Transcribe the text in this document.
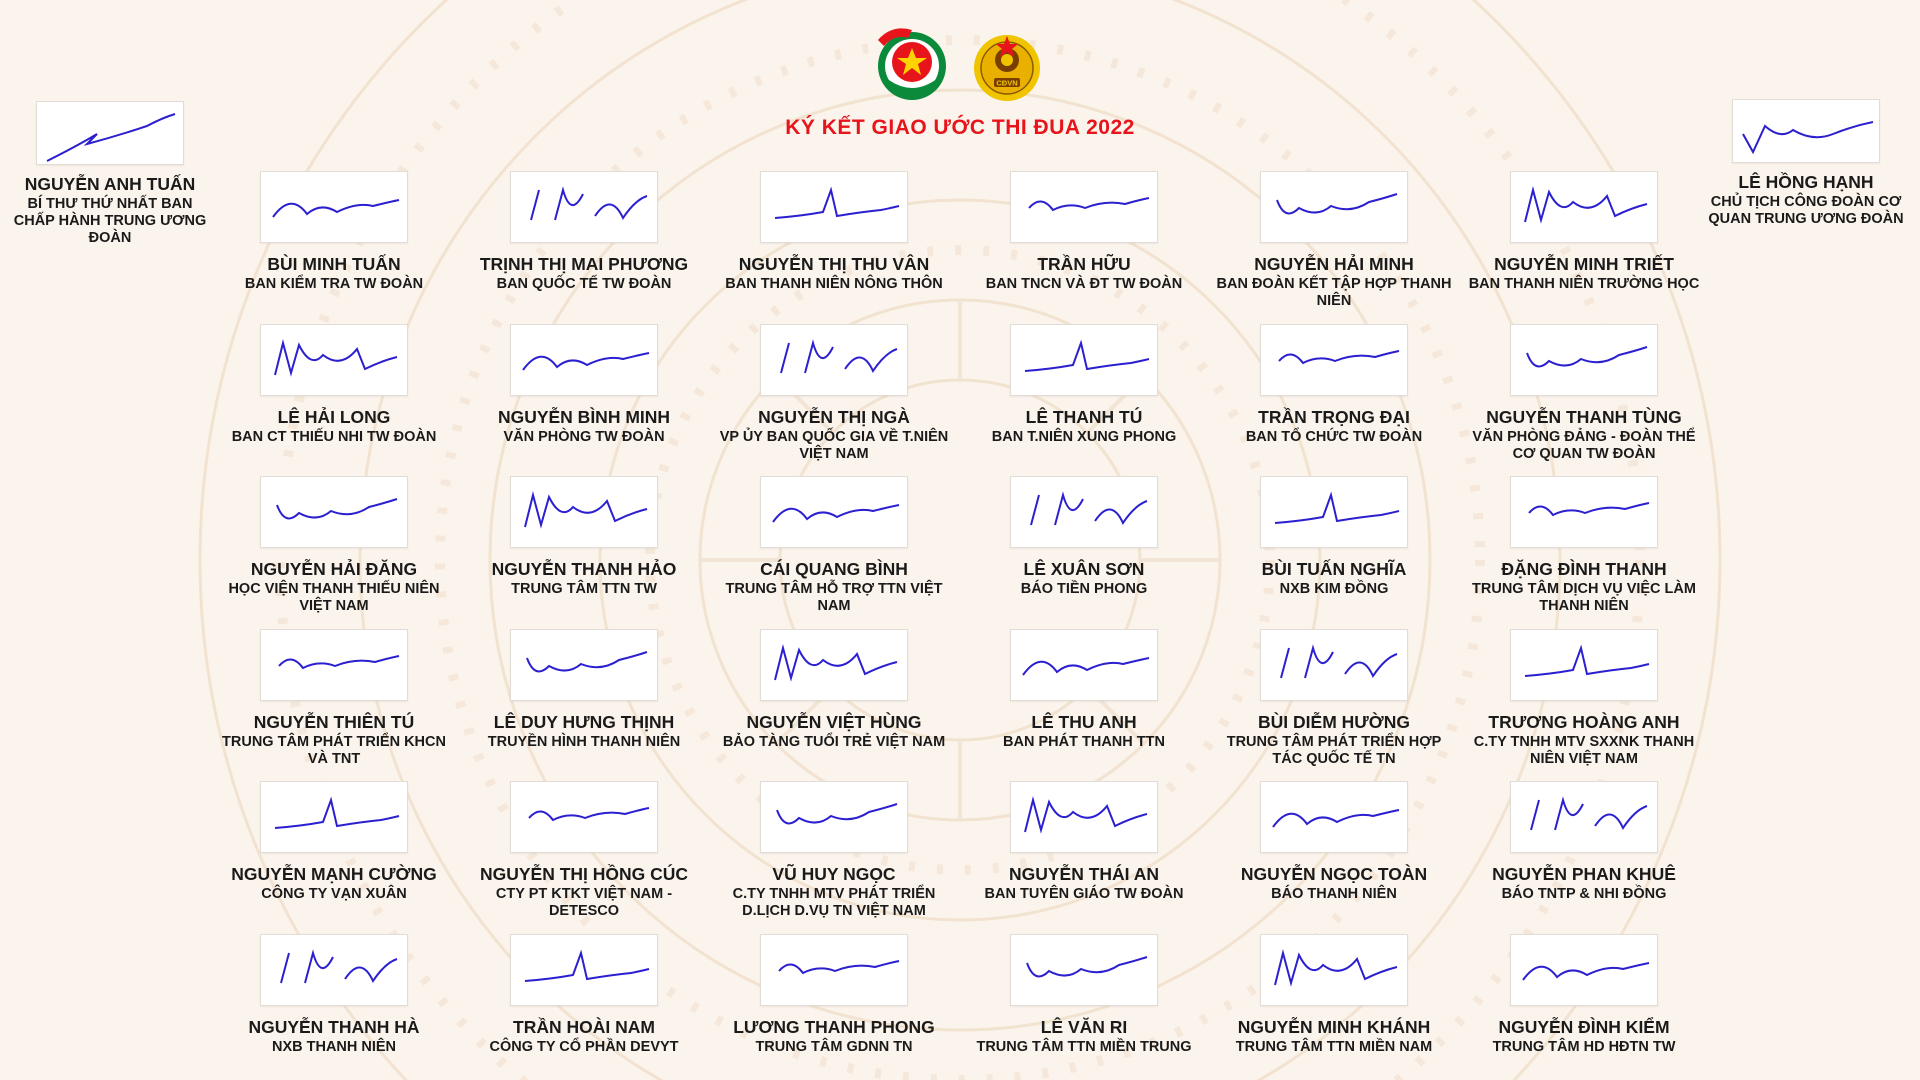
CĐVN
KÝ KẾT GIAO ƯỚC THI ĐUA 2022
NGUYỄN ANH TUẤN
BÍ THƯ THỨ NHẤT BAN CHẤP HÀNH TRUNG ƯƠNG ĐOÀN
LÊ HỒNG HẠNH
CHỦ TỊCH CÔNG ĐOÀN CƠ QUAN TRUNG ƯƠNG ĐOÀN
BÙI MINH TUẤN
BAN KIỂM TRA TW ĐOÀN
TRỊNH THỊ MAI PHƯƠNG
BAN QUỐC TẾ TW ĐOÀN
NGUYỄN THỊ THU VÂN
BAN THANH NIÊN NÔNG THÔN
TRẦN HỮU
BAN TNCN VÀ ĐT TW ĐOÀN
NGUYỄN HẢI MINH
BAN ĐOÀN KẾT TẬP HỢP THANH NIÊN
NGUYỄN MINH TRIẾT
BAN THANH NIÊN TRƯỜNG HỌC
LÊ HẢI LONG
BAN CT THIẾU NHI TW ĐOÀN
NGUYỄN BÌNH MINH
VĂN PHÒNG TW ĐOÀN
NGUYỄN THỊ NGÀ
VP ỦY BAN QUỐC GIA VỀ T.NIÊN VIỆT NAM
LÊ THANH TÚ
BAN T.NIÊN XUNG PHONG
TRẦN TRỌNG ĐẠI
BAN TỔ CHỨC TW ĐOÀN
NGUYỄN THANH TÙNG
VĂN PHÒNG ĐẢNG - ĐOÀN THỂ CƠ QUAN TW ĐOÀN
NGUYỄN HẢI ĐĂNG
HỌC VIỆN THANH THIẾU NIÊN VIỆT NAM
NGUYỄN THANH HẢO
TRUNG TÂM TTN TW
CÁI QUANG BÌNH
TRUNG TÂM HỖ TRỢ TTN VIỆT NAM
LÊ XUÂN SƠN
BÁO TIỀN PHONG
BÙI TUẤN NGHĨA
NXB KIM ĐỒNG
ĐẶNG ĐÌNH THANH
TRUNG TÂM DỊCH VỤ VIỆC LÀM THANH NIÊN
NGUYỄN THIÊN TÚ
TRUNG TÂM PHÁT TRIỂN KHCN VÀ TNT
LÊ DUY HƯNG THỊNH
TRUYỀN HÌNH THANH NIÊN
NGUYỄN VIỆT HÙNG
BẢO TÀNG TUỔI TRẺ VIỆT NAM
LÊ THU ANH
BAN PHÁT THANH TTN
BÙI DIỄM HƯỜNG
TRUNG TÂM PHÁT TRIỂN HỢP TÁC QUỐC TẾ TN
TRƯƠNG HOÀNG ANH
C.TY TNHH MTV SXXNK THANH NIÊN VIỆT NAM
NGUYỄN MẠNH CƯỜNG
CÔNG TY VẠN XUÂN
NGUYỄN THỊ HỒNG CÚC
CTY PT KTKT VIỆT NAM - DETESCO
VŨ HUY NGỌC
C.TY TNHH MTV PHÁT TRIỂN D.LỊCH D.VỤ TN VIỆT NAM
NGUYỄN THÁI AN
BAN TUYÊN GIÁO TW ĐOÀN
NGUYỄN NGỌC TOÀN
BÁO THANH NIÊN
NGUYỄN PHAN KHUÊ
BÁO TNTP & NHI ĐỒNG
NGUYỄN THANH HÀ
NXB THANH NIÊN
TRẦN HOÀI NAM
CÔNG TY CỔ PHẦN DEVYT
LƯƠNG THANH PHONG
TRUNG TÂM GDNN TN
LÊ VĂN RI
TRUNG TÂM TTN MIỀN TRUNG
NGUYỄN MINH KHÁNH
TRUNG TÂM TTN MIỀN NAM
NGUYỄN ĐÌNH KIỂM
TRUNG TÂM HD HĐTN TW
